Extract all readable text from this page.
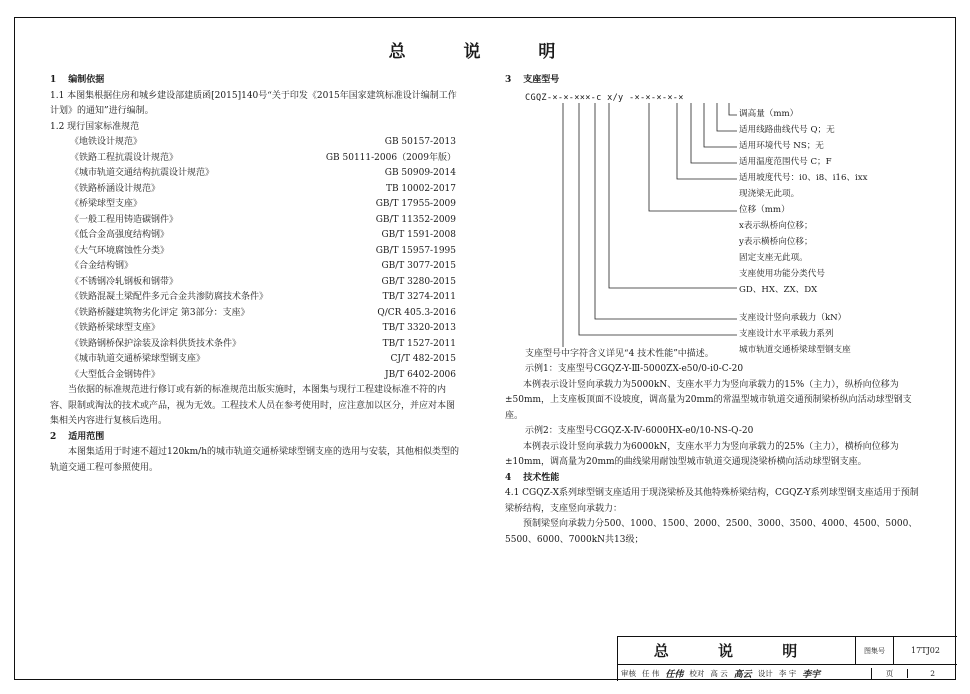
总 说 明
1 编制依据

1.1 本图集根据住房和城乡建设部建质函[2015]140号“关于印发《2015年国家建筑标准设计编制工作计划》的通知”进行编制。

1.2 现行国家标准规范

《地铁设计规范》	GB 50157-2013
《铁路工程抗震设计规范》	GB 50111-2006（2009年版）
《城市轨道交通结构抗震设计规范》	GB 50909-2014
《铁路桥涵设计规范》	TB 10002-2017
《桥梁球型支座》	GB/T 17955-2009
《一般工程用铸造碳钢件》	GB/T 11352-2009
《低合金高强度结构钢》	GB/T 1591-2008
《大气环境腐蚀性分类》	GB/T 15957-1995
《合金结构钢》	GB/T 3077-2015
《不锈钢冷轧钢板和钢带》	GB/T 3280-2015
《铁路混凝土梁配件多元合金共渗防腐技术条件》	TB/T 3274-2011
《铁路桥隧建筑物劣化评定 第3部分：支座》	Q/CR 405.3-2016
《铁路桥梁球型支座》	TB/T 3320-2013
《铁路钢桥保护涂装及涂料供货技术条件》	TB/T 1527-2011
《城市轨道交通桥梁球型钢支座》	CJ/T 482-2015
《大型低合金钢铸件》	JB/T 6402-2006

当依据的标准规范进行修订或有新的标准规范出版实施时，本图集与现行工程建设标准不符的内容、限制或淘汰的技术或产品，视为无效。工程技术人员在参考使用时，应注意加以区分，并应对本图集相关内容进行复核后选用。

2 适用范围

本图集适用于时速不超过120km/h的城市轨道交通桥梁球型钢支座的选用与安装，其他相似类型的轨道交通工程可参照使用。

3 支座型号
CGQZ-×-×-×××-c x/y -×-×-×-×-×
调高量（mm）
适用线路曲线代号 Q；无
适用环境代号 NS；无
适用温度范围代号 C；F
适用坡度代号：i0、i8、i16、ixx
现浇梁无此项。
位移（mm）
x表示纵桥向位移；
y表示横桥向位移；
固定支座无此项。
支座使用功能分类代号
GD、HX、ZX、DX
支座设计竖向承载力（kN）
支座设计水平承载力系列
城市轨道交通桥梁球型钢支座

支座型号中字符含义详见“4 技术性能”中描述。

示例1：支座型号CGQZ-Y-Ⅲ-5000ZX-e50/0-i0-C-20

本例表示设计竖向承载力为5000kN、支座水平力为竖向承载力的15%（主力），纵桥向位移为±50mm，上支座板顶面不设坡度，调高量为20mm的常温型城市轨道交通预制梁桥纵向活动球型钢支座。

示例2：支座型号CGQZ-X-Ⅳ-6000HX-e0/10-NS-Q-20

本例表示设计竖向承载力为6000kN，支座水平力为竖向承载力的25%（主力），横桥向位移为±10mm，调高量为20mm的曲线梁用耐蚀型城市轨道交通现浇梁桥横向活动球型钢支座。

4 技术性能

4.1 CGQZ-X系列球型钢支座适用于现浇梁桥及其他特殊桥梁结构，CGQZ-Y系列球型钢支座适用于预制梁桥结构，支座竖向承载力：

预制梁竖向承载力分500、1000、1500、2000、2500、3000、3500、4000、4500、5000、5500、6000、7000kN共13级；

总 说 明	图集号	17TJ02
审核 任 伟 任伟 校对 高 云 高云 设计 李 宇 李宇	页	2
